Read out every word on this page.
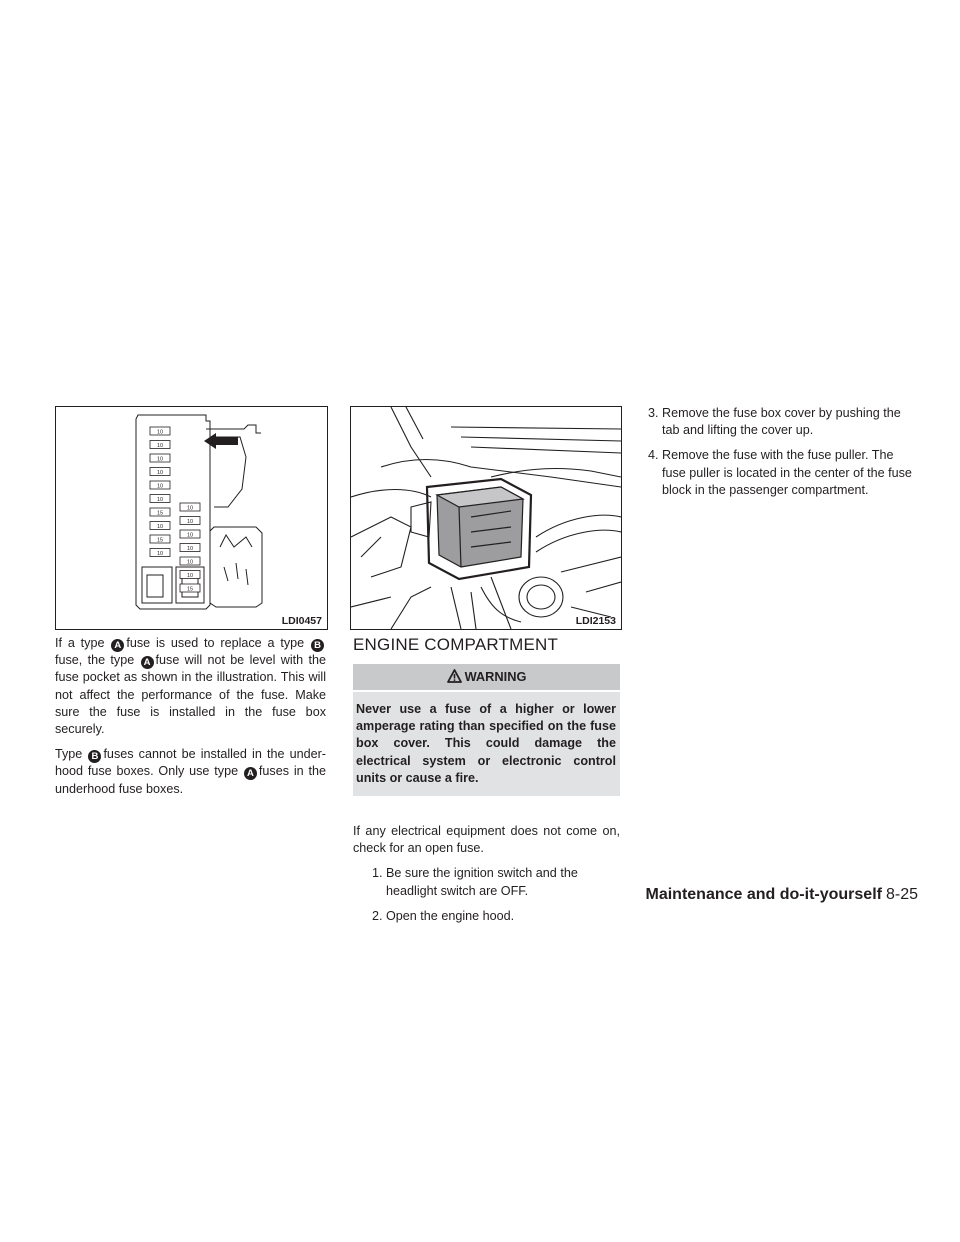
10
10
10
10
10
10
15
10
15
10
10
10
10
10
10
10
15
LDI0457	LDI2153

If a type A fuse is used to replace a type Bfuse, the type A fuse will not be level with the fuse pocket as shown in the illustration. This will not affect the performance of the fuse. Make sure the fuse is installed in the fuse box securely.

Type B fuses cannot be installed in the under-hood fuse boxes. Only use type A fuses in the underhood fuse boxes.

ENGINE COMPARTMENT
WARNING
Never use a fuse of a higher or lower amperage rating than specified on the fuse box cover. This could damage the electrical system or electronic control units or cause a fire.

If any electrical equipment does not come on, check for an open fuse.

1. Be sure the ignition switch and the headlight switch are OFF.
2. Open the engine hood.
3. Remove the fuse box cover by pushing the tab and lifting the cover up.
4. Remove the fuse with the fuse puller. The fuse puller is located in the center of the fuse block in the passenger compartment.
Maintenance and do-it-yourself 8-25
